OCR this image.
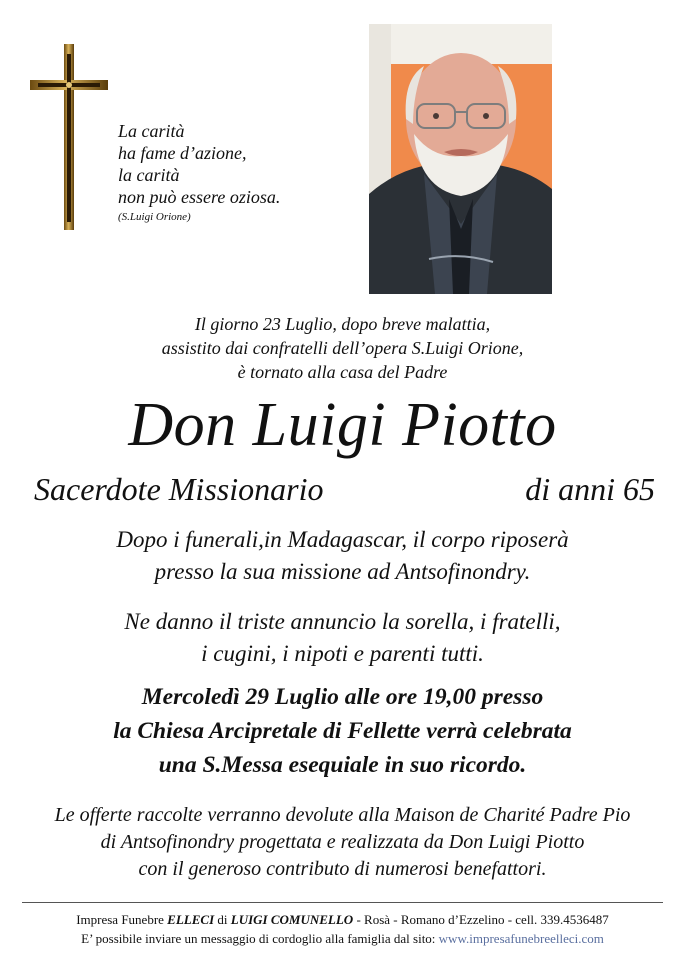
La carità
ha fame d’azione,
la carità
non può essere oziosa.
(S.Luigi Orione)
Il giorno 23 Luglio, dopo breve malattia,
assistito dai confratelli dell’opera S.Luigi Orione,
è tornato alla casa del Padre
Don Luigi Piotto
Sacerdote Missionario	di anni 65
Dopo i funerali,in Madagascar, il corpo riposerà
presso la sua missione ad Antsofinondry.
Ne danno il triste annuncio la sorella, i fratelli,
i cugini, i nipoti e parenti tutti.
Mercoledì 29 Luglio alle ore 19,00 presso
la Chiesa Arcipretale di Fellette verrà celebrata
una S.Messa esequiale in suo ricordo.
Le offerte raccolte verranno devolute alla Maison de Charité Padre Pio
di Antsofinondry progettata e realizzata da Don Luigi Piotto
con il generoso contributo di numerosi benefattori.
Impresa Funebre ELLECI di LUIGI COMUNELLO - Rosà - Romano d’Ezzelino - cell. 339.4536487
E’ possibile inviare un messaggio di cordoglio alla famiglia dal sito: www.impresafunebreelleci.com
